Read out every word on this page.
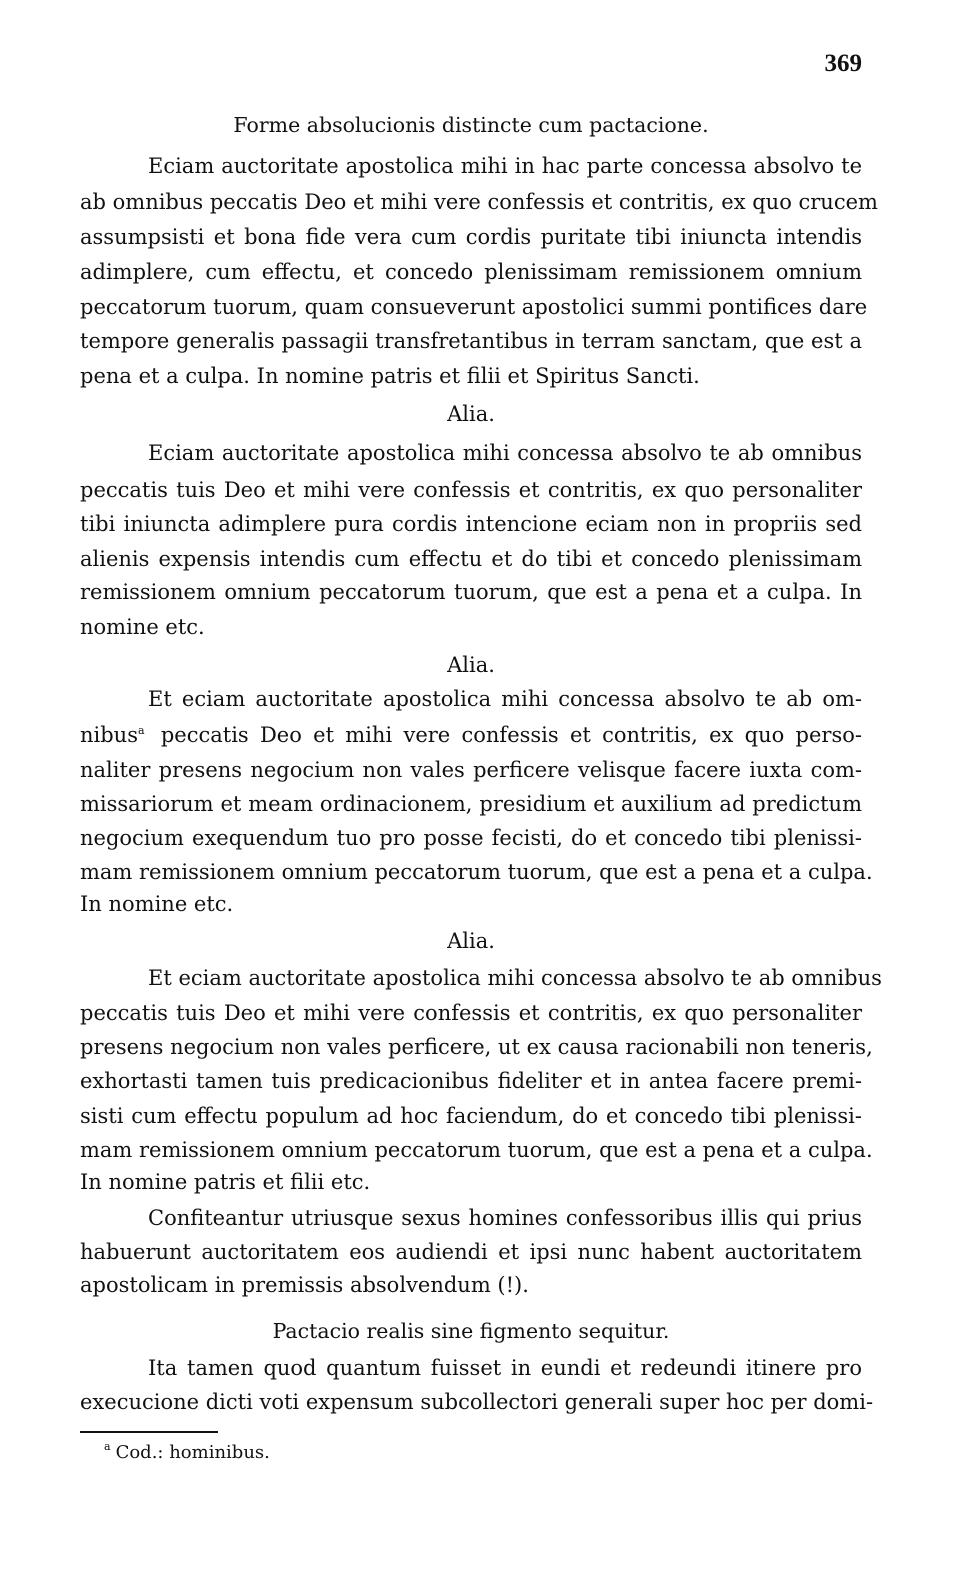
369
Forme absolucionis distincte cum pactacione.
Eciam auctoritate apostolica mihi in hac parte concessa absolvo te
ab omnibus peccatis Deo et mihi vere confessis et contritis, ex quo crucem
assumpsisti et bona fide vera cum cordis puritate tibi iniuncta intendis
adimplere, cum effectu, et concedo plenissimam remissionem omnium
peccatorum tuorum, quam consueverunt apostolici summi pontifices dare
tempore generalis passagii transfretantibus in terram sanctam, que est a
pena et a culpa. In nomine patris et filii et Spiritus Sancti.
Alia.
Eciam auctoritate apostolica mihi concessa absolvo te ab omnibus
peccatis tuis Deo et mihi vere confessis et contritis, ex quo personaliter
tibi iniuncta adimplere pura cordis intencione eciam non in propriis sed
alienis expensis intendis cum effectu et do tibi et concedo plenissimam
remissionem omnium peccatorum tuorum, que est a pena et a culpa. In
nomine etc.
Alia.
Et eciam auctoritate apostolica mihi concessa absolvo te ab om-
nibus$^a$ peccatis Deo et mihi vere confessis et contritis, ex quo perso-
naliter presens negocium non vales perficere velisque facere iuxta com-
missariorum et meam ordinacionem, presidium et auxilium ad predictum
negocium exequendum tuo pro posse fecisti, do et concedo tibi plenissi-
mam remissionem omnium peccatorum tuorum, que est a pena et a culpa.
In nomine etc.
Alia.
Et eciam auctoritate apostolica mihi concessa absolvo te ab omnibus
peccatis tuis Deo et mihi vere confessis et contritis, ex quo personaliter
presens negocium non vales perficere, ut ex causa racionabili non teneris,
exhortasti tamen tuis predicacionibus fideliter et in antea facere premi-
sisti cum effectu populum ad hoc faciendum, do et concedo tibi plenissi-
mam remissionem omnium peccatorum tuorum, que est a pena et a culpa.
In nomine patris et filii etc.
Confiteantur utriusque sexus homines confessoribus illis qui prius
habuerunt auctoritatem eos audiendi et ipsi nunc habent auctoritatem
apostolicam in premissis absolvendum (!).
Pactacio realis sine figmento sequitur.
Ita tamen quod quantum fuisset in eundi et redeundi itinere pro
execucione dicti voti expensum subcollectori generali super hoc per domi-
$^a$ Cod.: hominibus.
